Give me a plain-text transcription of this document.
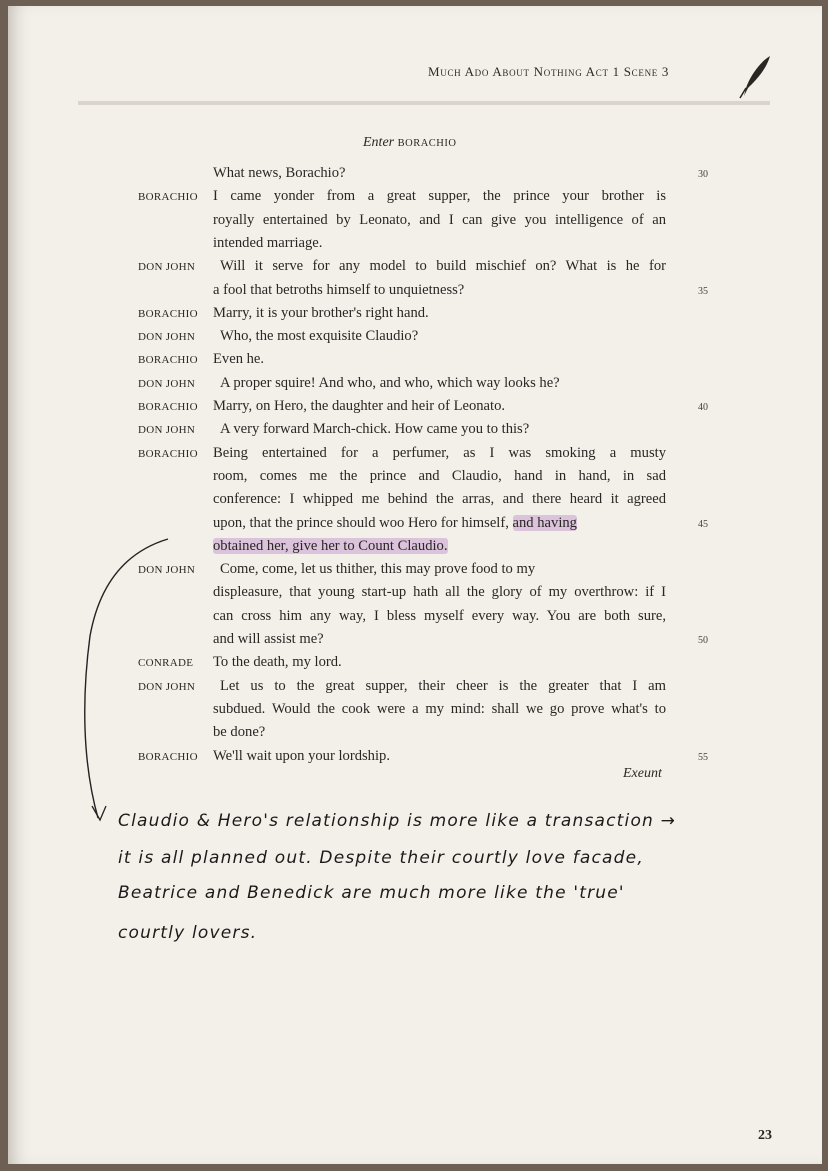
Much Ado About Nothing Act 1 Scene 3
Enter BORACHIO
What news, Borachio?	30
BORACHIO I came yonder from a great supper, the prince your brother is
royally entertained by Leonato, and I can give you intelligence of an
intended marriage.
DON JOHN Will it serve for any model to build mischief on? What is he for
a fool that betroths himself to unquietness?	35
BORACHIO Marry, it is your brother's right hand.
DON JOHN Who, the most exquisite Claudio?
BORACHIO Even he.
DON JOHN A proper squire! And who, and who, which way looks he?
BORACHIO Marry, on Hero, the daughter and heir of Leonato.	40
DON JOHN A very forward March-chick. How came you to this?
BORACHIO Being entertained for a perfumer, as I was smoking a musty
room, comes me the prince and Claudio, hand in hand, in sad
conference: I whipped me behind the arras, and there heard it agreed
upon, that the prince should woo Hero for himself, and having	45
obtained her, give her to Count Claudio.
DON JOHN Come, come, let us thither, this may prove food to my
displeasure, that young start-up hath all the glory of my overthrow: if I
can cross him any way, I bless myself every way. You are both sure,
and will assist me?	50
CONRADE To the death, my lord.
DON JOHN Let us to the great supper, their cheer is the greater that I am
subdued. Would the cook were a my mind: shall we go prove what's to
be done?
BORACHIO We'll wait upon your lordship.	55
Exeunt
Claudio & Hero's relationship is more like a transaction →
it is all planned out. Despite their courtly love facade,
Beatrice and Benedick are much more like the 'true'
courtly lovers.
23
